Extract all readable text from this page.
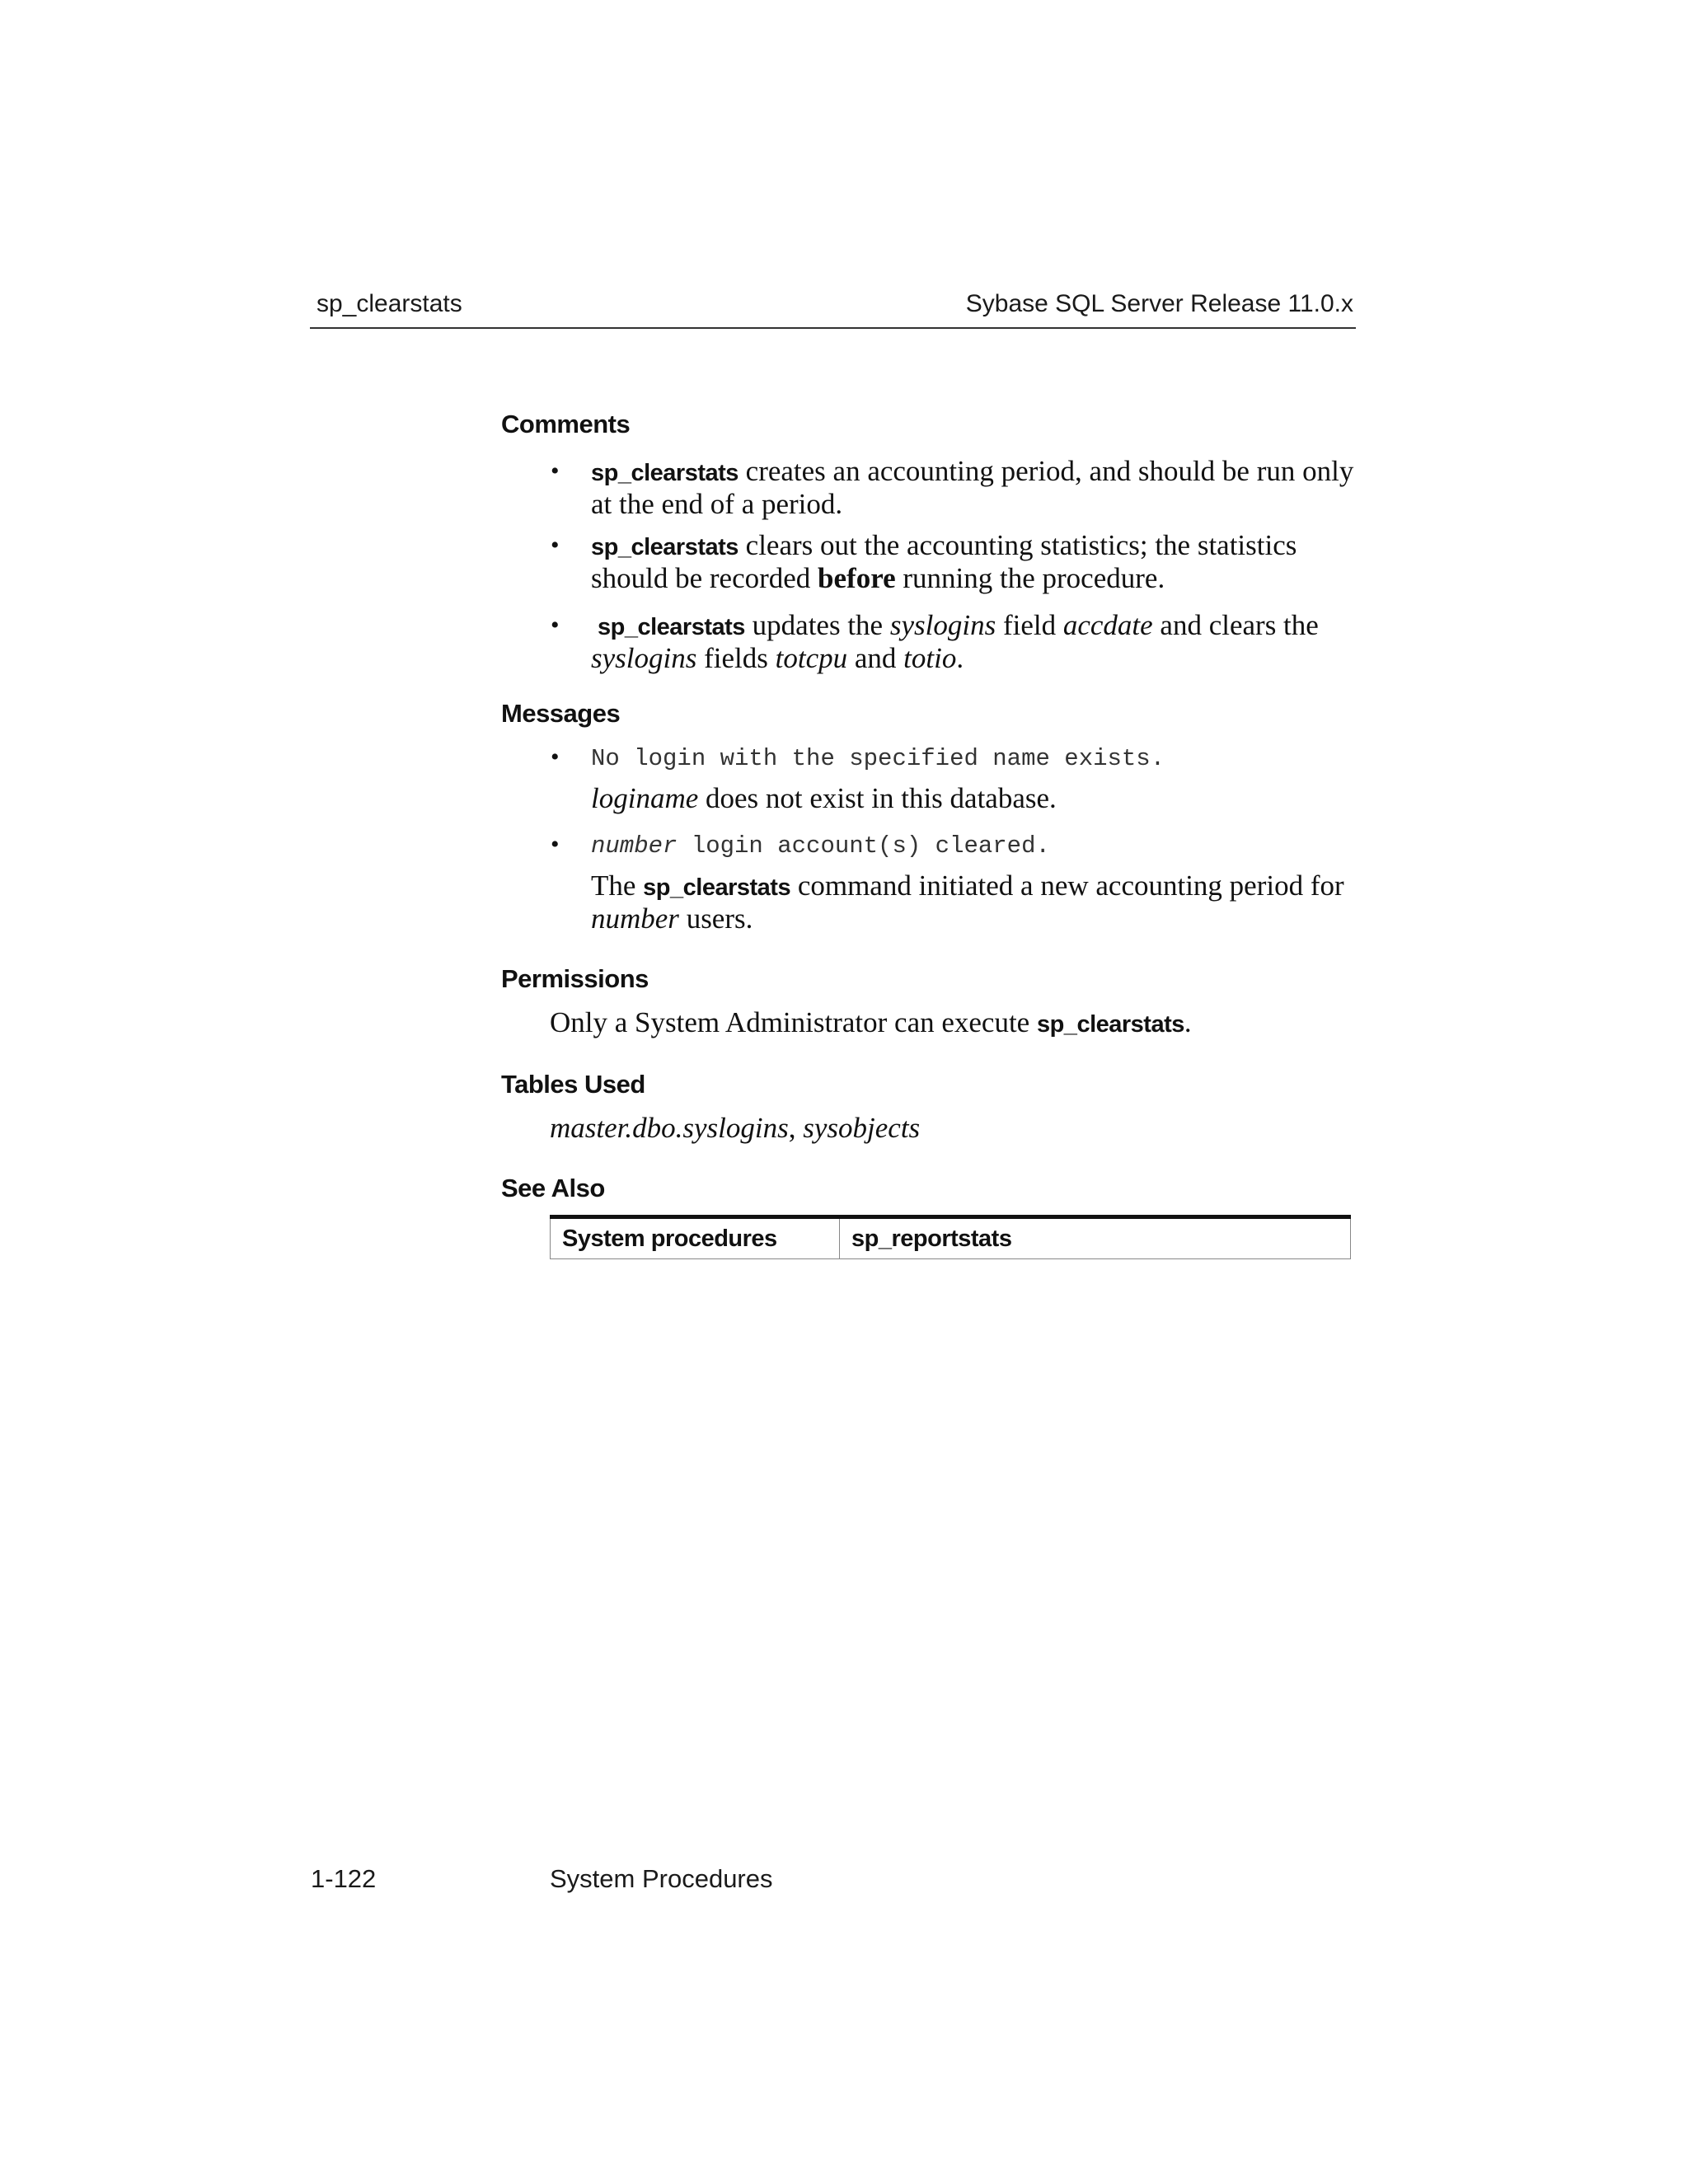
sp_clearstats	Sybase SQL Server Release 11.0.x
Comments
• sp_clearstats creates an accounting period, and should be run only
at the end of a period.
• sp_clearstats clears out the accounting statistics; the statistics
should be recorded before running the procedure.
• sp_clearstats updates the syslogins field accdate and clears the
syslogins fields totcpu and totio.
Messages
• No login with the specified name exists.
loginame does not exist in this database.
• number login account(s) cleared.
The sp_clearstats command initiated a new accounting period for
number users.
Permissions
Only a System Administrator can execute sp_clearstats.
Tables Used
master.dbo.syslogins, sysobjects
See Also
System procedures	sp_reportstats
1-122	System Procedures
